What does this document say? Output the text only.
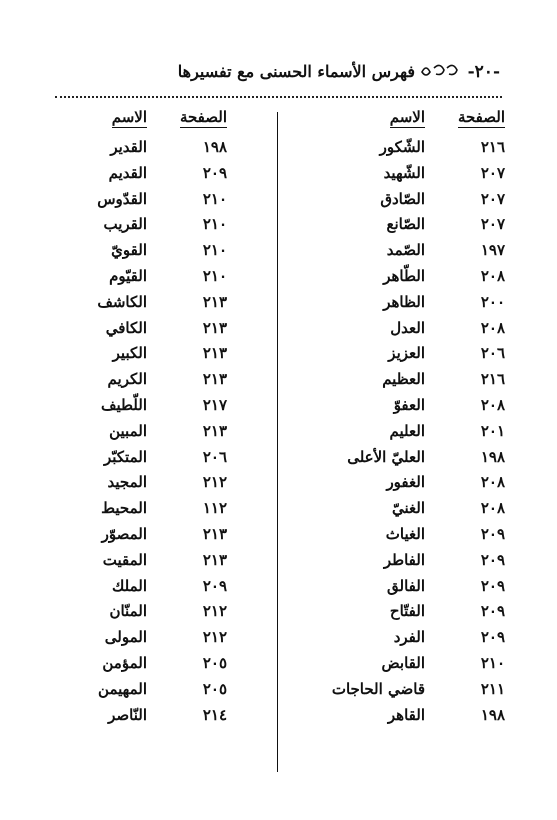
-٢٠-
فهرس الأسماء الحسنى مع تفسيرها
الصفحة
الاسم
٢١٦
الشّكور
٢٠٧
الشّهيد
٢٠٧
الصّادق
٢٠٧
الصّانع
١٩٧
الصّمد
٢٠٨
الطّاهر
٢٠٠
الظاهر
٢٠٨
العدل
٢٠٦
العزيز
٢١٦
العظيم
٢٠٨
العفوّ
٢٠١
العليم
١٩٨
العليّ الأعلى
٢٠٨
الغفور
٢٠٨
الغنيّ
٢٠٩
الغياث
٢٠٩
الفاطر
٢٠٩
الفالق
٢٠٩
الفتّاح
٢٠٩
الفرد
٢١٠
القابض
٢١١
قاضي الحاجات
١٩٨
القاهر
الصفحة
الاسم
١٩٨
القدير
٢٠٩
القديم
٢١٠
القدّوس
٢١٠
القريب
٢١٠
القويّ
٢١٠
القيّوم
٢١٣
الكاشف
٢١٣
الكافي
٢١٣
الكبير
٢١٣
الكريم
٢١٧
اللّطيف
٢١٣
المبين
٢٠٦
المتكبّر
٢١٢
المجيد
١١٢
المحيط
٢١٣
المصوّر
٢١٣
المقيت
٢٠٩
الملك
٢١٢
المنّان
٢١٢
المولى
٢٠٥
المؤمن
٢٠٥
المهيمن
٢١٤
النّاصر
